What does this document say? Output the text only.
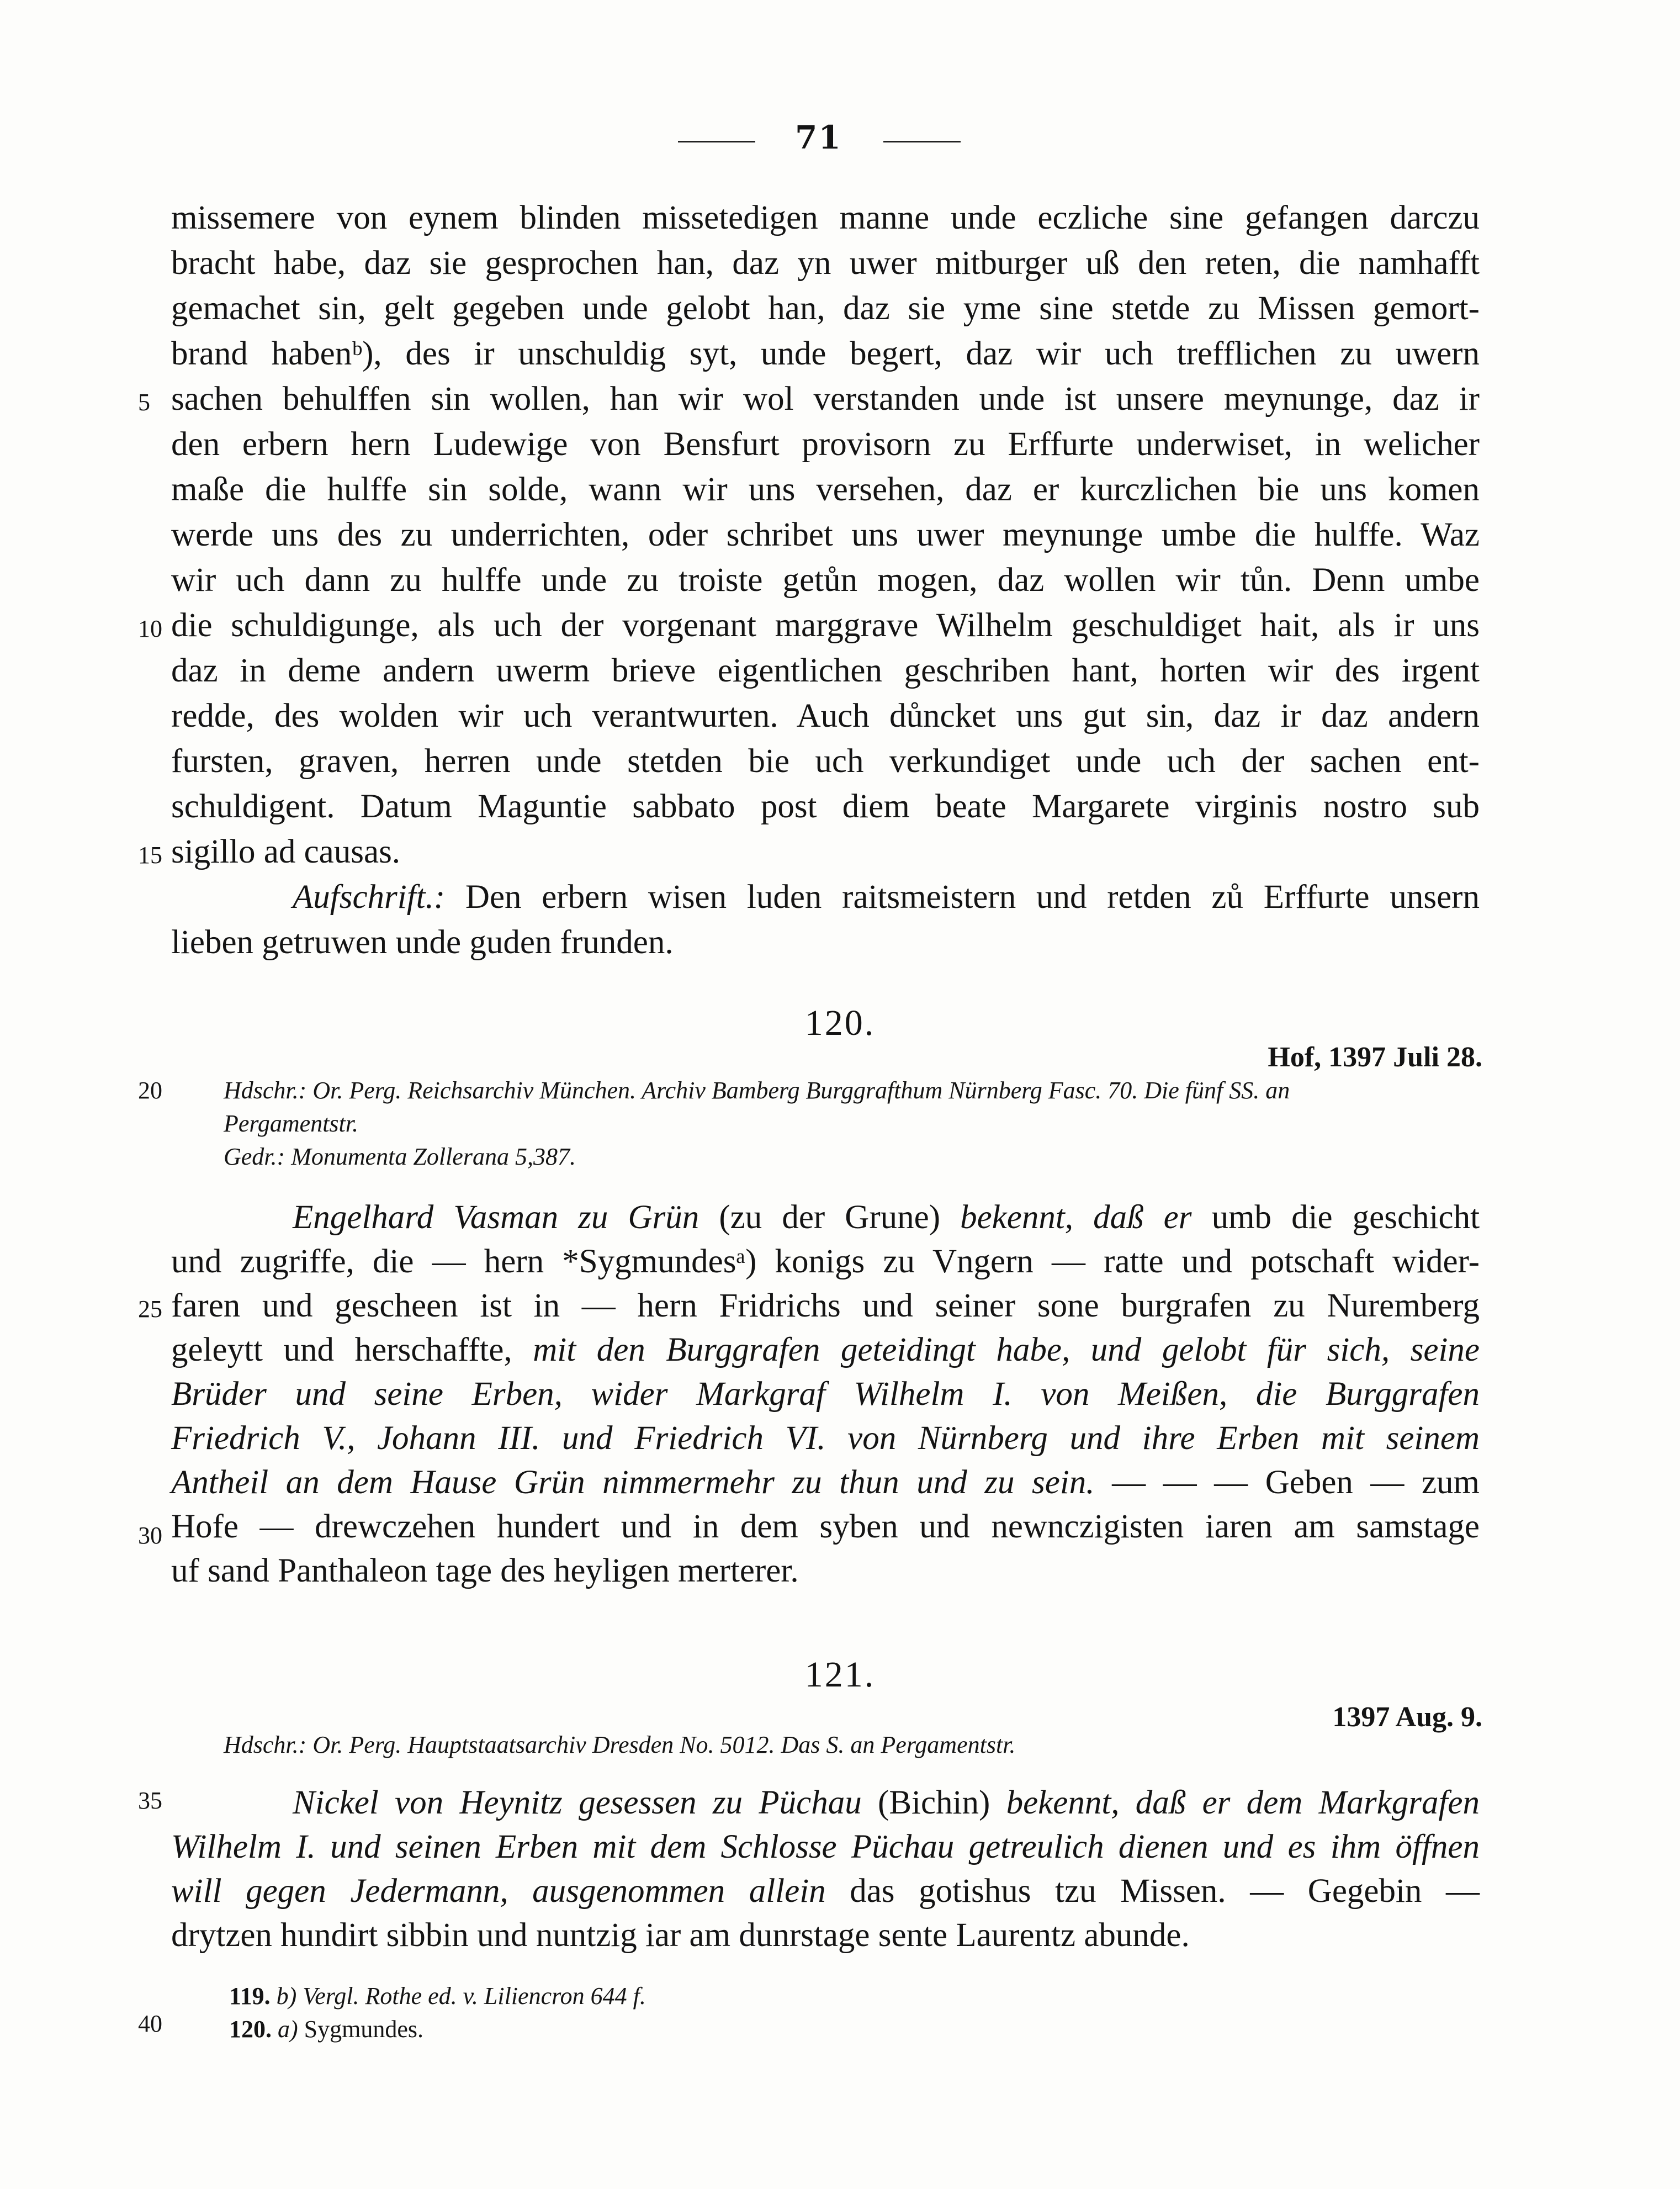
71
missemere von eynem blinden missetedigen manne unde eczliche sine gefangen darczu
bracht habe, daz sie gesprochen han, daz yn uwer mitburger uß den reten, die namhafft
gemachet sin, gelt gegeben unde gelobt han, daz sie yme sine stetde zu Missen gemort-
brand habenᵇ), des ir unschuldig syt, unde begert, daz wir uch trefflichen zu uwern
sachen behulffen sin wollen, han wir wol verstanden unde ist unsere meynunge, daz ir
den erbern hern Ludewige von Bensfurt provisorn zu Erffurte underwiset, in welicher
maße die hulffe sin solde, wann wir uns versehen, daz er kurczlichen bie uns komen
werde uns des zu underrichten, oder schribet uns uwer meynunge umbe die hulffe. Waz
wir uch dann zu hulffe unde zu troiste getůn mogen, daz wollen wir tůn. Denn umbe
die schuldigunge, als uch der vorgenant marggrave Wilhelm geschuldiget hait, als ir uns
daz in deme andern uwerm brieve eigentlichen geschriben hant, horten wir des irgent
redde, des wolden wir uch verantwurten. Auch důncket uns gut sin, daz ir daz andern
fursten, graven, herren unde stetden bie uch verkundiget unde uch der sachen ent-
schuldigent. Datum Maguntie sabbato post diem beate Margarete virginis nostro sub
sigillo ad causas.
Aufschrift.: Den erbern wisen luden raitsmeistern und retden zů Erffurte unsern
lieben getruwen unde guden frunden.
5
10
15
20
25
30
35
40
120.
Hof, 1397 Juli 28.
Hdschr.: Or. Perg. Reichsarchiv München. Archiv Bamberg Burggrafthum Nürnberg Fasc. 70. Die fünf SS. an
Pergamentstr.
Gedr.: Monumenta Zollerana 5,387.
Engelhard Vasman zu Grün (zu der Grune) bekennt, daß er umb die geschicht
und zugriffe, die — hern *Sygmundesᵃ) konigs zu Vngern — ratte und potschaft wider-
faren und gescheen ist in — hern Fridrichs und seiner sone burgrafen zu Nuremberg
geleytt und herschaffte, mit den Burggrafen geteidingt habe, und gelobt für sich, seine
Brüder und seine Erben, wider Markgraf Wilhelm I. von Meißen, die Burggrafen
Friedrich V., Johann III. und Friedrich VI. von Nürnberg und ihre Erben mit seinem
Antheil an dem Hause Grün nimmermehr zu thun und zu sein. — — — Geben — zum
Hofe — drewczehen hundert und in dem syben und newnczigisten iaren am samstage
uf sand Panthaleon tage des heyligen merterer.
121.
1397 Aug. 9.
Hdschr.: Or. Perg. Hauptstaatsarchiv Dresden No. 5012. Das S. an Pergamentstr.
Nickel von Heynitz gesessen zu Püchau (Bichin) bekennt, daß er dem Markgrafen
Wilhelm I. und seinen Erben mit dem Schlosse Püchau getreulich dienen und es ihm öffnen
will gegen Jedermann, ausgenommen allein das gotishus tzu Missen. — Gegebin —
drytzen hundirt sibbin und nuntzig iar am dunrstage sente Laurentz abunde.
119. b) Vergl. Rothe ed. v. Liliencron 644 f.
120. a) Sygmundes.
